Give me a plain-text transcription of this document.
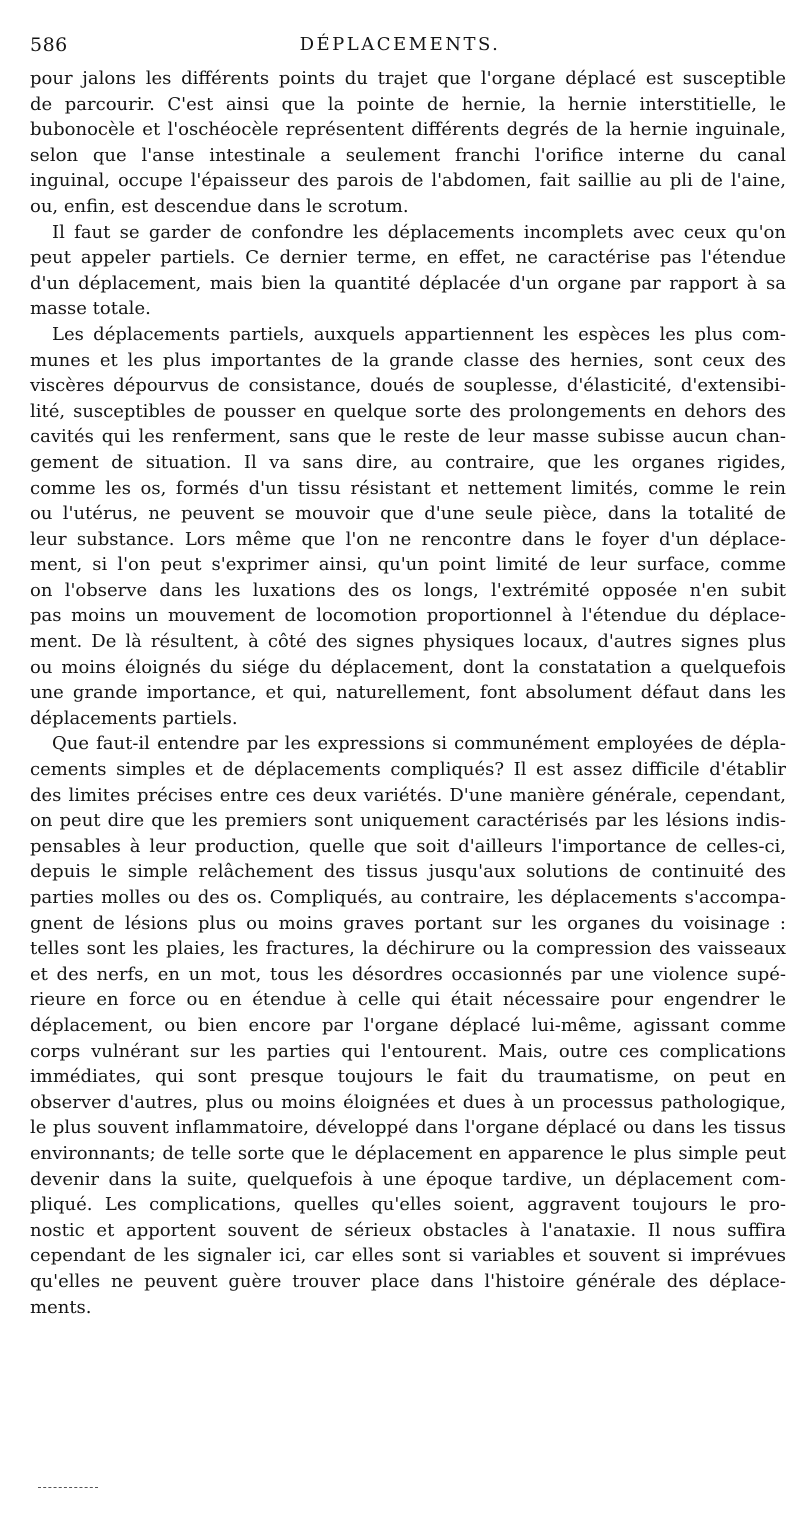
586	DÉPLACEMENTS.
pour jalons les différents points du trajet que l'organe déplacé est susceptible
de parcourir. C'est ainsi que la pointe de hernie, la hernie interstitielle, le
bubonocèle et l'oschéocèle représentent différents degrés de la hernie inguinale,
selon que l'anse intestinale a seulement franchi l'orifice interne du canal
inguinal, occupe l'épaisseur des parois de l'abdomen, fait saillie au pli de l'aine,
ou, enfin, est descendue dans le scrotum.
Il faut se garder de confondre les déplacements incomplets avec ceux qu'on
peut appeler partiels. Ce dernier terme, en effet, ne caractérise pas l'étendue
d'un déplacement, mais bien la quantité déplacée d'un organe par rapport à sa
masse totale.
Les déplacements partiels, auxquels appartiennent les espèces les plus com-
munes et les plus importantes de la grande classe des hernies, sont ceux des
viscères dépourvus de consistance, doués de souplesse, d'élasticité, d'extensibi-
lité, susceptibles de pousser en quelque sorte des prolongements en dehors des
cavités qui les renferment, sans que le reste de leur masse subisse aucun chan-
gement de situation. Il va sans dire, au contraire, que les organes rigides,
comme les os, formés d'un tissu résistant et nettement limités, comme le rein
ou l'utérus, ne peuvent se mouvoir que d'une seule pièce, dans la totalité de
leur substance. Lors même que l'on ne rencontre dans le foyer d'un déplace-
ment, si l'on peut s'exprimer ainsi, qu'un point limité de leur surface, comme
on l'observe dans les luxations des os longs, l'extrémité opposée n'en subit
pas moins un mouvement de locomotion proportionnel à l'étendue du déplace-
ment. De là résultent, à côté des signes physiques locaux, d'autres signes plus
ou moins éloignés du siége du déplacement, dont la constatation a quelquefois
une grande importance, et qui, naturellement, font absolument défaut dans les
déplacements partiels.
Que faut-il entendre par les expressions si communément employées de dépla-
cements simples et de déplacements compliqués? Il est assez difficile d'établir
des limites précises entre ces deux variétés. D'une manière générale, cependant,
on peut dire que les premiers sont uniquement caractérisés par les lésions indis-
pensables à leur production, quelle que soit d'ailleurs l'importance de celles-ci,
depuis le simple relâchement des tissus jusqu'aux solutions de continuité des
parties molles ou des os. Compliqués, au contraire, les déplacements s'accompa-
gnent de lésions plus ou moins graves portant sur les organes du voisinage :
telles sont les plaies, les fractures, la déchirure ou la compression des vaisseaux
et des nerfs, en un mot, tous les désordres occasionnés par une violence supé-
rieure en force ou en étendue à celle qui était nécessaire pour engendrer le
déplacement, ou bien encore par l'organe déplacé lui-même, agissant comme
corps vulnérant sur les parties qui l'entourent. Mais, outre ces complications
immédiates, qui sont presque toujours le fait du traumatisme, on peut en
observer d'autres, plus ou moins éloignées et dues à un processus pathologique,
le plus souvent inflammatoire, développé dans l'organe déplacé ou dans les tissus
environnants; de telle sorte que le déplacement en apparence le plus simple peut
devenir dans la suite, quelquefois à une époque tardive, un déplacement com-
pliqué. Les complications, quelles qu'elles soient, aggravent toujours le pro-
nostic et apportent souvent de sérieux obstacles à l'anataxie. Il nous suffira
cependant de les signaler ici, car elles sont si variables et souvent si imprévues
qu'elles ne peuvent guère trouver place dans l'histoire générale des déplace-
ments.
